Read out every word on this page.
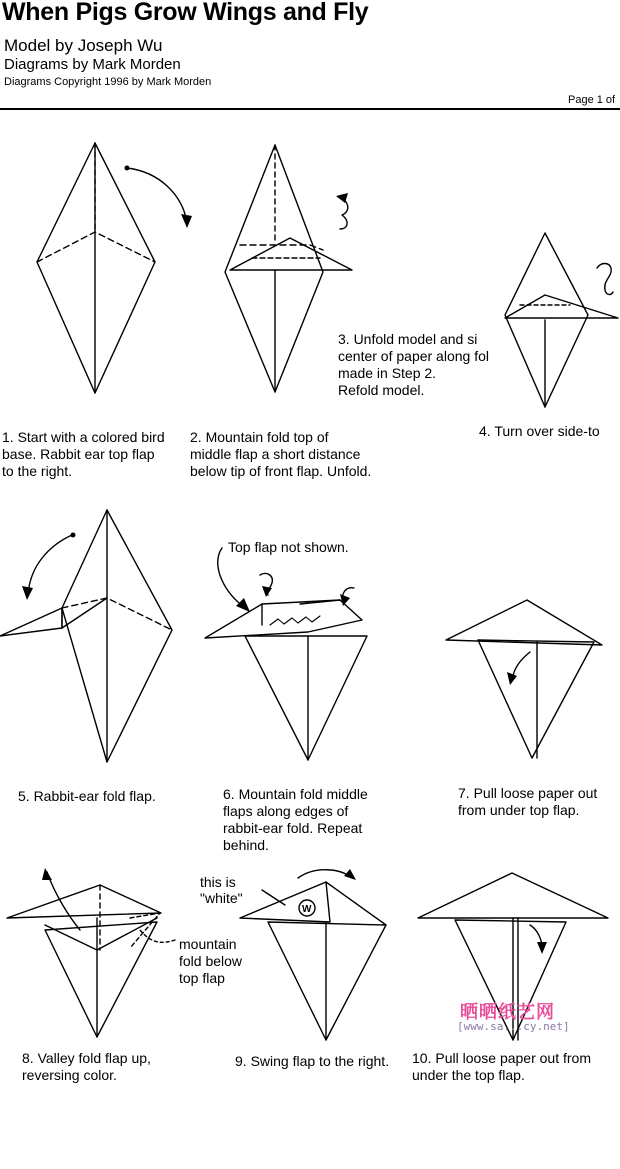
When Pigs Grow Wings and Fly
Model by Joseph Wu
Diagrams by Mark Morden
Diagrams Copyright 1996 by Mark Morden
Page 1 of
W
1. Start with a colored bird
base. Rabbit ear top flap
to the right.
2. Mountain fold top of
middle flap a short distance
below tip of front flap. Unfold.
3. Unfold model and si
center of paper along fol
made in Step 2.
Refold model.
4. Turn over side-to
5. Rabbit-ear fold flap.	6. Mountain fold middle
flaps along edges of
rabbit-ear fold. Repeat
behind.
7. Pull loose paper out
from under top flap.
8. Valley fold flap up,
reversing color.
9. Swing flap to the right. 10. Pull loose paper out from
under the top flap.
Top flap not shown.
this is
"white"
mountain
fold below
top flap
晒晒纸艺网
[www.sa...cy.net]
